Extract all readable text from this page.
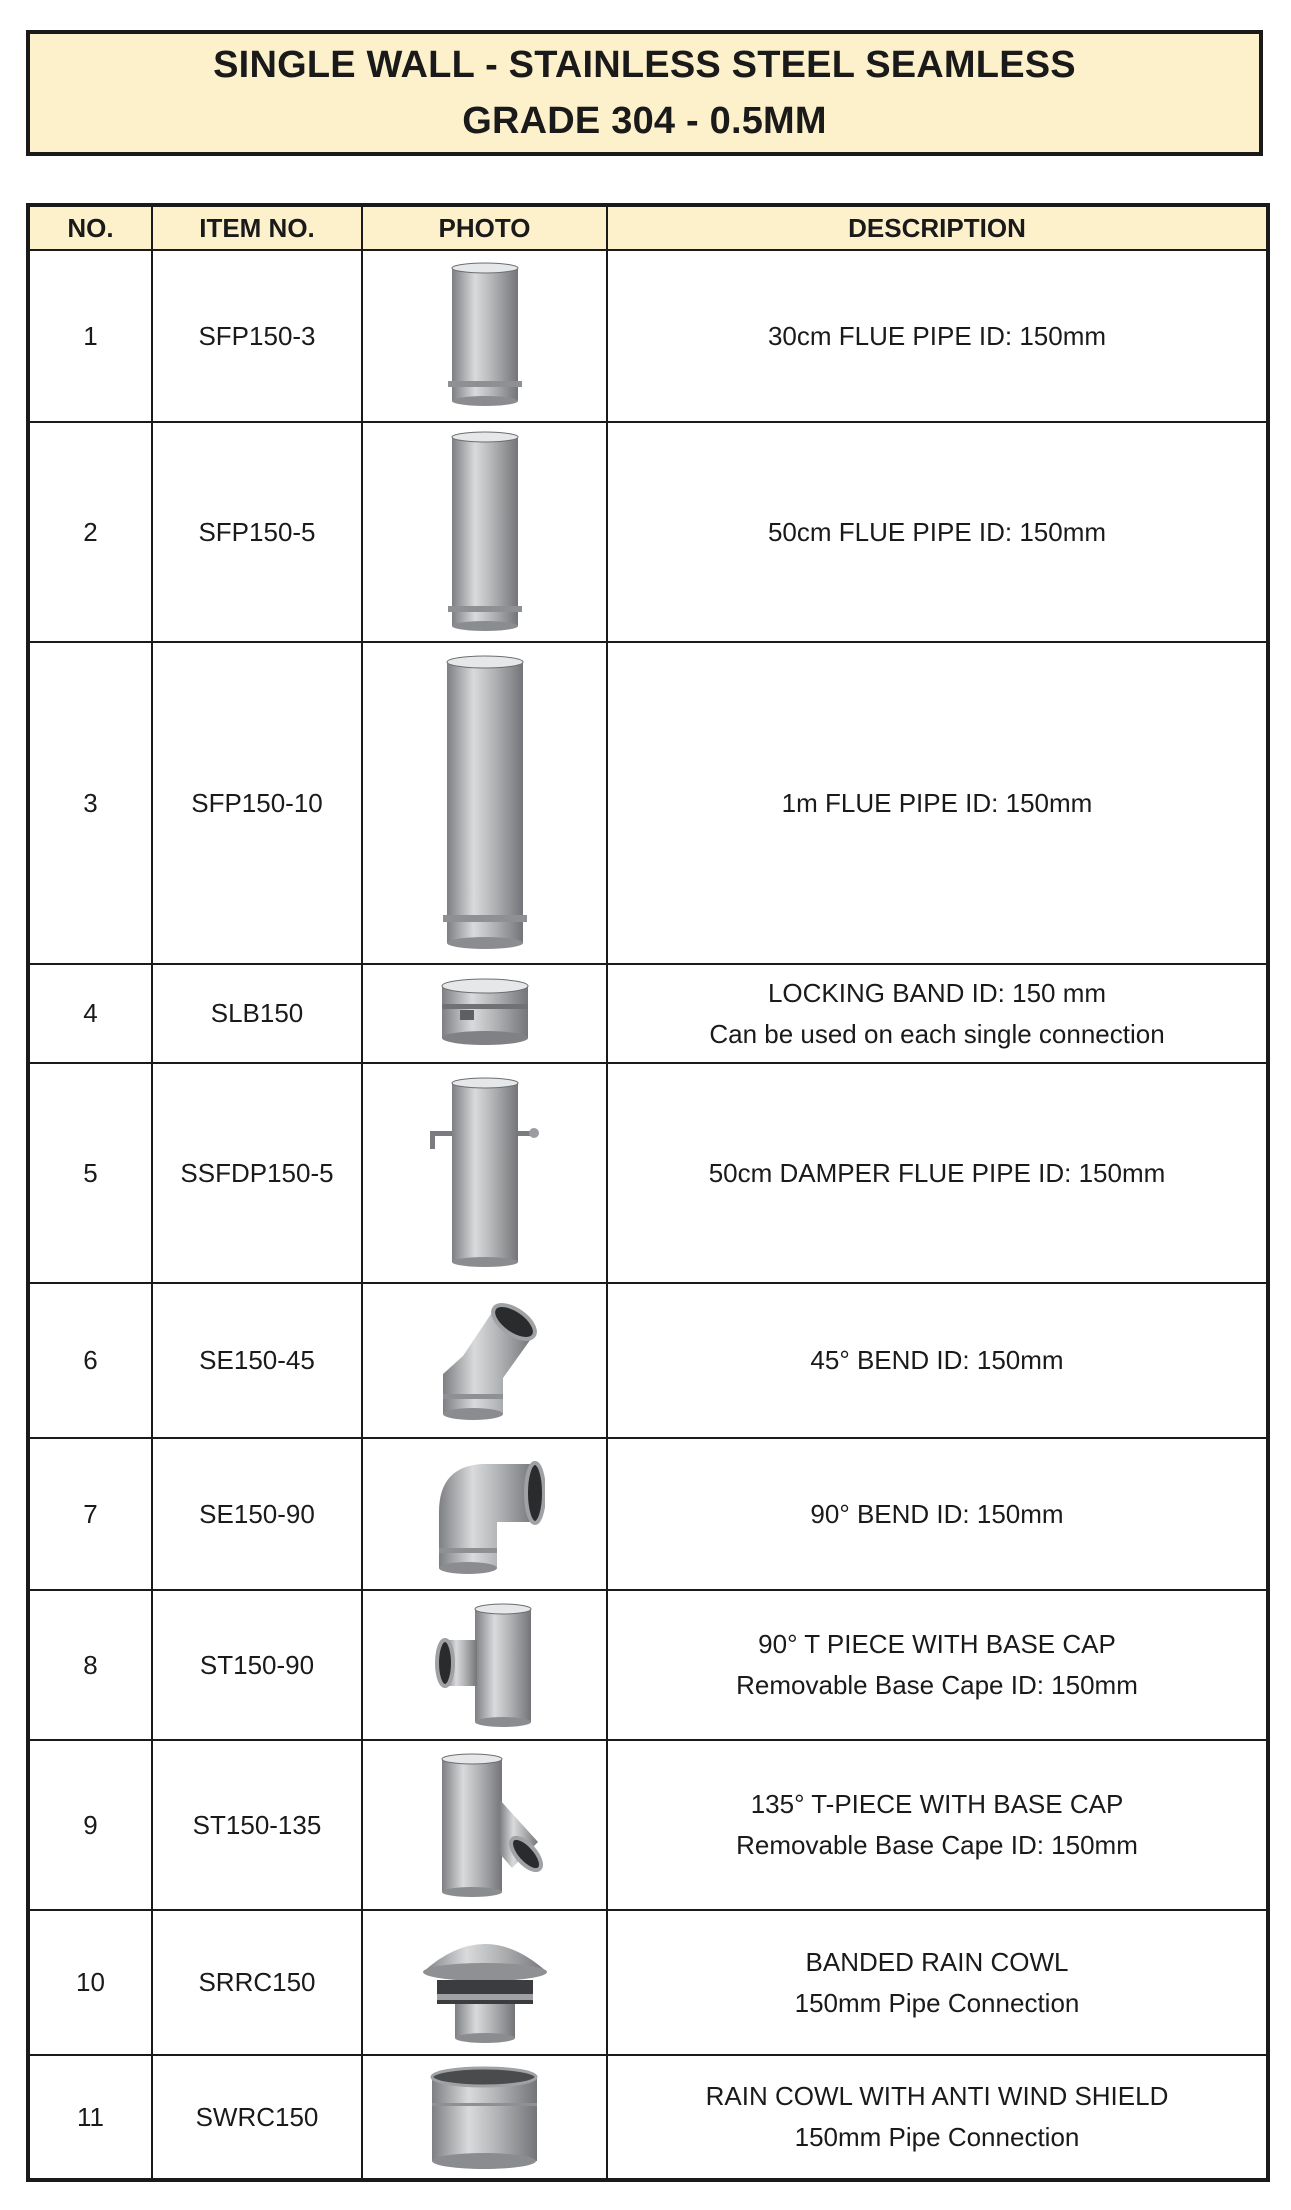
SINGLE WALL - STAINLESS STEEL SEAMLESS
GRADE 304 - 0.5MM
NO.	ITEM NO.	PHOTO	DESCRIPTION
1	SFP150-3		30cm FLUE PIPE ID: 150mm

2	SFP150-5		50cm FLUE PIPE ID: 150mm

3	SFP150-10		1m FLUE PIPE ID: 150mm

4	SLB150		LOCKING BAND ID: 150 mm
Can be used on each single connection

5	SSFDP150-5		50cm DAMPER FLUE PIPE ID: 150mm

6	SE150-45		45° BEND ID: 150mm

7	SE150-90		90° BEND ID: 150mm

8	ST150-90		90° T PIECE WITH BASE CAP
Removable Base Cape ID: 150mm

9	ST150-135		135° T-PIECE WITH BASE CAP
Removable Base Cape ID: 150mm

10	SRRC150		BANDED RAIN COWL
150mm Pipe Connection

11	SWRC150		RAIN COWL WITH ANTI WIND SHIELD
150mm Pipe Connection
